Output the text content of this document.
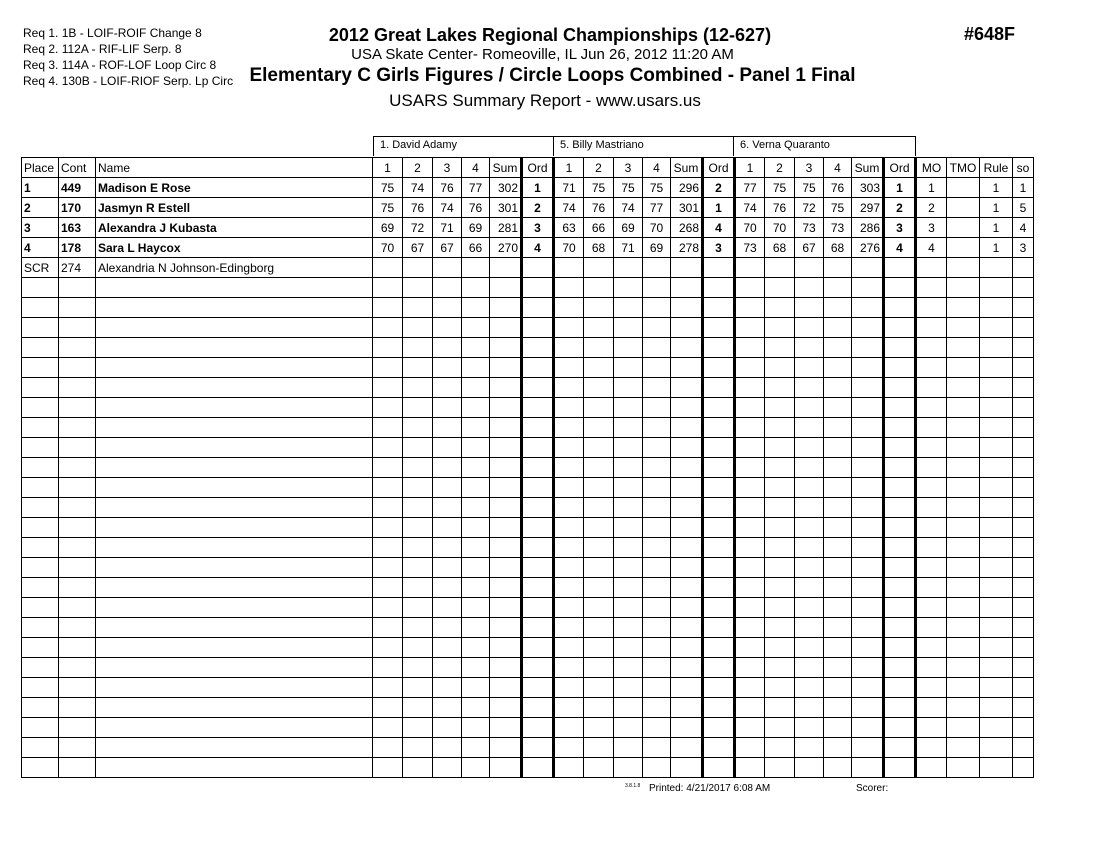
Req 1. 1B - LOIF-ROIF Change 8
Req 2. 112A - RIF-LIF Serp. 8
Req 3. 114A - ROF-LOF Loop Circ 8
Req 4. 130B - LOIF-RIOF Serp. Lp Circ
2012 Great Lakes Regional Championships (12-627)
USA Skate Center- Romeoville, IL Jun 26, 2012 11:20 AM
Elementary C Girls Figures / Circle Loops Combined - Panel 1 Final
USARS Summary Report - www.usars.us
#648F
1. David Adamy	5. Billy Mastriano	6. Verna Quaranto
Place	Cont	Name	1	2	3	4	Sum	Ord	1	2	3	4	Sum	Ord	1	2	3	4	Sum	Ord	MO	TMO	Rule	so
1	449	Madison E Rose	75	74	76	77	302	1	71	75	75	75	296	2	77	75	75	76	303	1	1		1	1
2	170	Jasmyn R Estell	75	76	74	76	301	2	74	76	74	77	301	1	74	76	72	75	297	2	2		1	5
3	163	Alexandra J Kubasta	69	72	71	69	281	3	63	66	69	70	268	4	70	70	73	73	286	3	3		1	4
4	178	Sara L Haycox	70	67	67	66	270	4	70	68	71	69	278	3	73	68	67	68	276	4	4		1	3
SCR	274	Alexandria N Johnson-Edingborg																						

3.8.1.8 Printed: 4/21/2017 6:08 AM	Scorer:
